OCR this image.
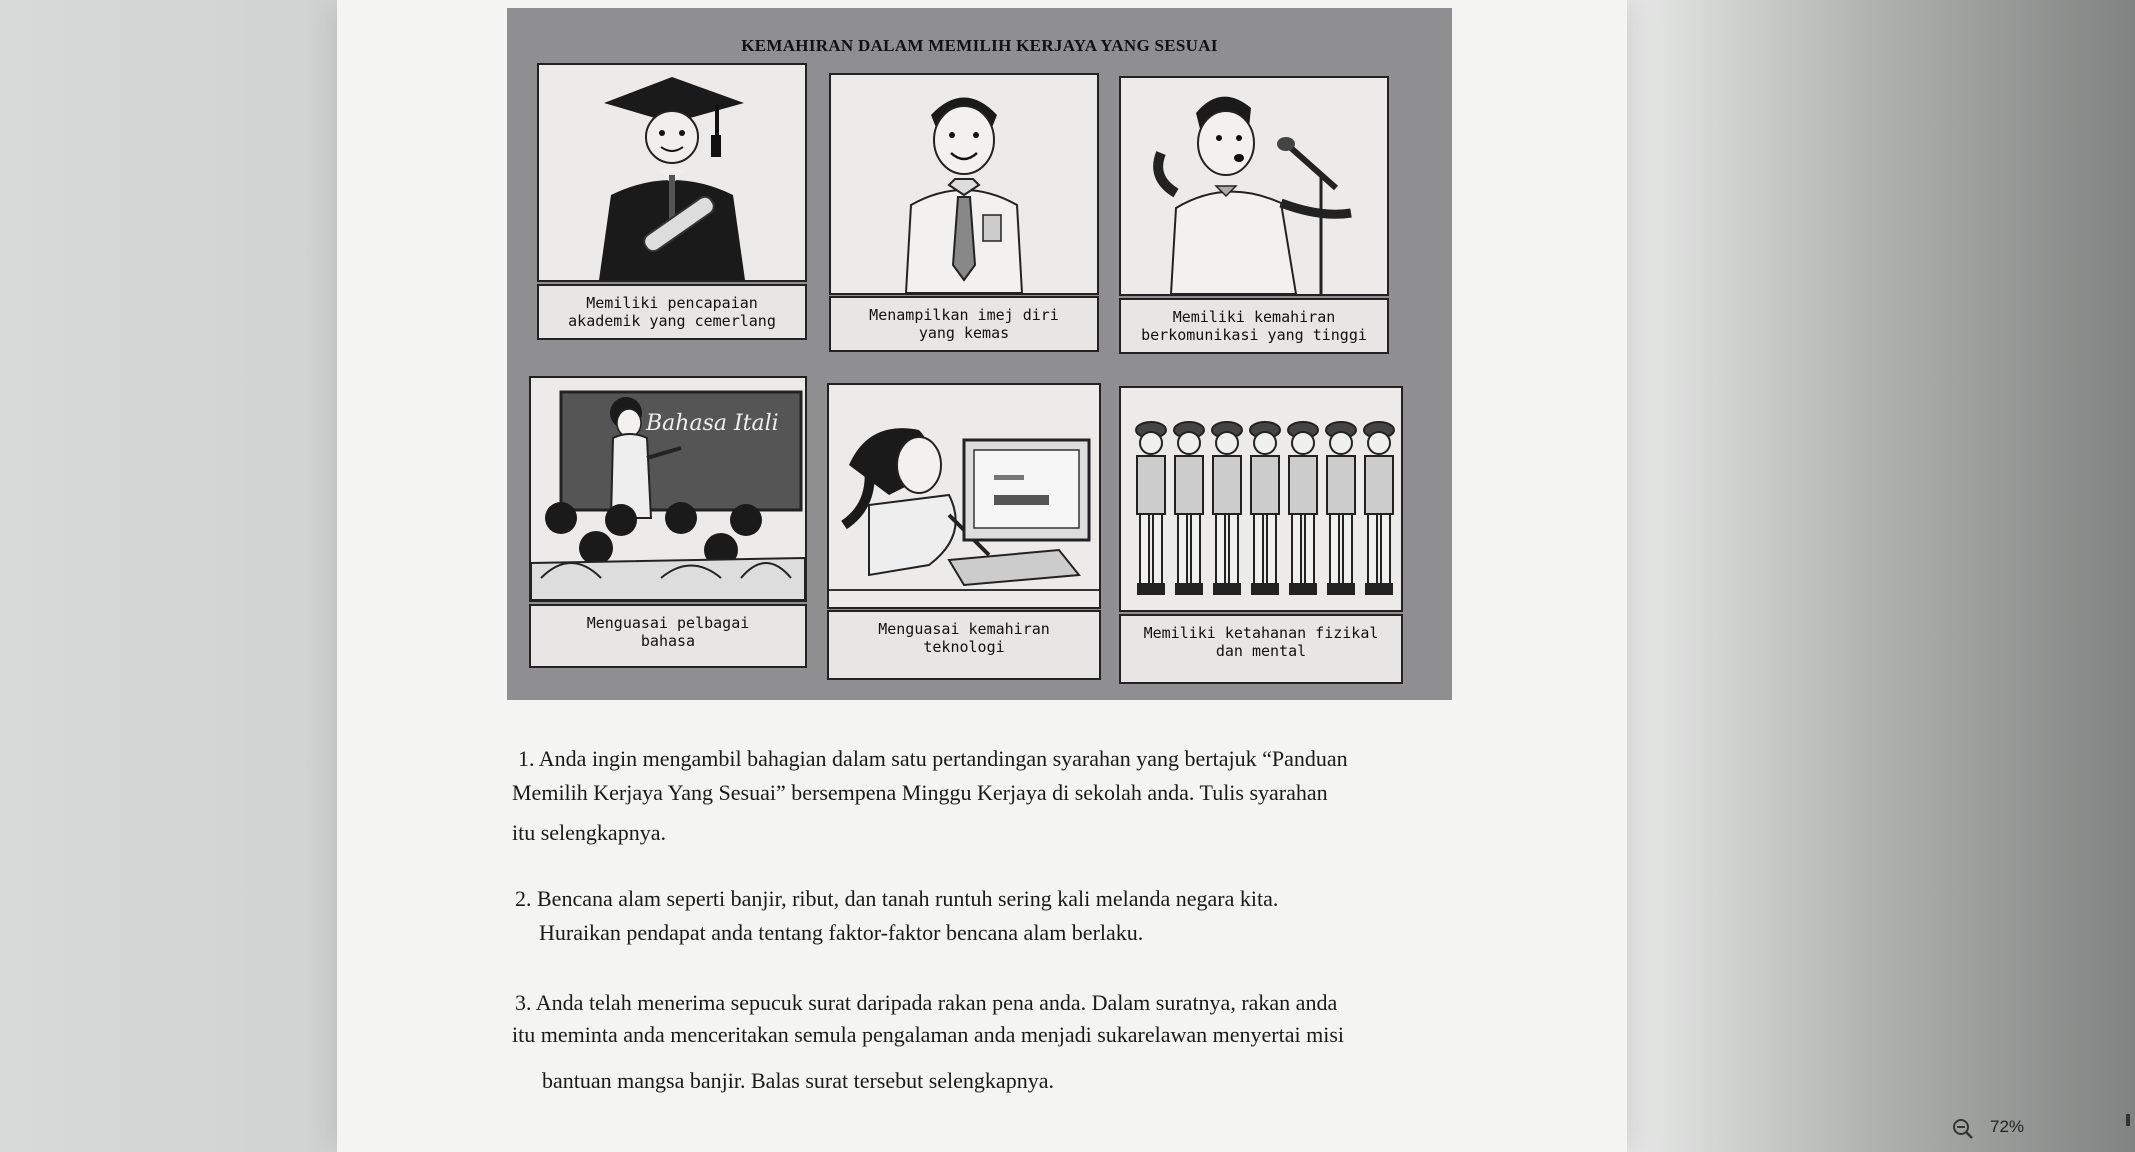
KEMAHIRAN DALAM MEMILIH KERJAYA YANG SESUAI
Memiliki pencapaian
akademik yang cemerlang	Menampilkan imej diri
yang kemas
Memiliki kemahiran
berkomunikasi yang tinggi
Bahasa Itali
Menguasai pelbagai
bahasa
Menguasai kemahiran
teknologi
Memiliki ketahanan fizikal
dan mental
1. Anda ingin mengambil bahagian dalam satu pertandingan syarahan yang bertajuk “Panduan
Memilih Kerjaya Yang Sesuai” bersempena Minggu Kerjaya di sekolah anda. Tulis syarahan
itu selengkapnya.
2. Bencana alam seperti banjir, ribut, dan tanah runtuh sering kali melanda negara kita.
Huraikan pendapat anda tentang faktor-faktor bencana alam berlaku.
3. Anda telah menerima sepucuk surat daripada rakan pena anda. Dalam suratnya, rakan anda
itu meminta anda menceritakan semula pengalaman anda menjadi sukarelawan menyertai misi
bantuan mangsa banjir. Balas surat tersebut selengkapnya.
72%
